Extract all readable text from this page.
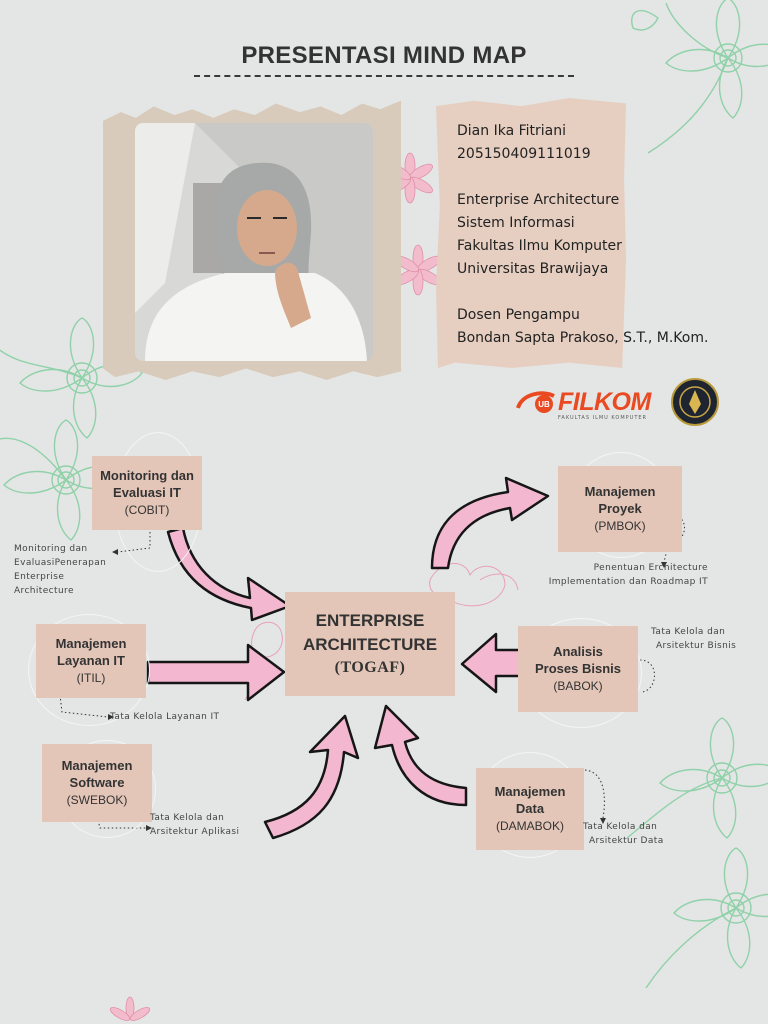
PRESENTASI MIND MAP
Dian Ika Fitriani
205150409111019
Enterprise Architecture
Sistem Informasi
Fakultas Ilmu Komputer
Universitas Brawijaya
Dosen Pengampu
Bondan Sapta Prakoso, S.T., M.Kom.
UB FILKOM
FAKULTAS ILMU KOMPUTER
Monitoring dan
Evaluasi IT
(COBIT)
Manajemen
Layanan IT
(ITIL)
Manajemen
Software
(SWEBOK)
Manajemen
Proyek
(PMBOK)
Analisis
Proses Bisnis
(BABOK)
Manajemen
Data
(DAMABOK)
ENTERPRISE
ARCHITECTURE
(TOGAF)
Monitoring dan
EvaluasiPenerapan
Enterprise
Architecture
Tata Kelola Layanan IT
Tata Kelola dan
Arsitektur Aplikasi
Penentuan Erchitecture
Implementation dan Roadmap IT
Tata Kelola dan
Arsitektur Bisnis
Tata Kelola dan
Arsitektur Data
